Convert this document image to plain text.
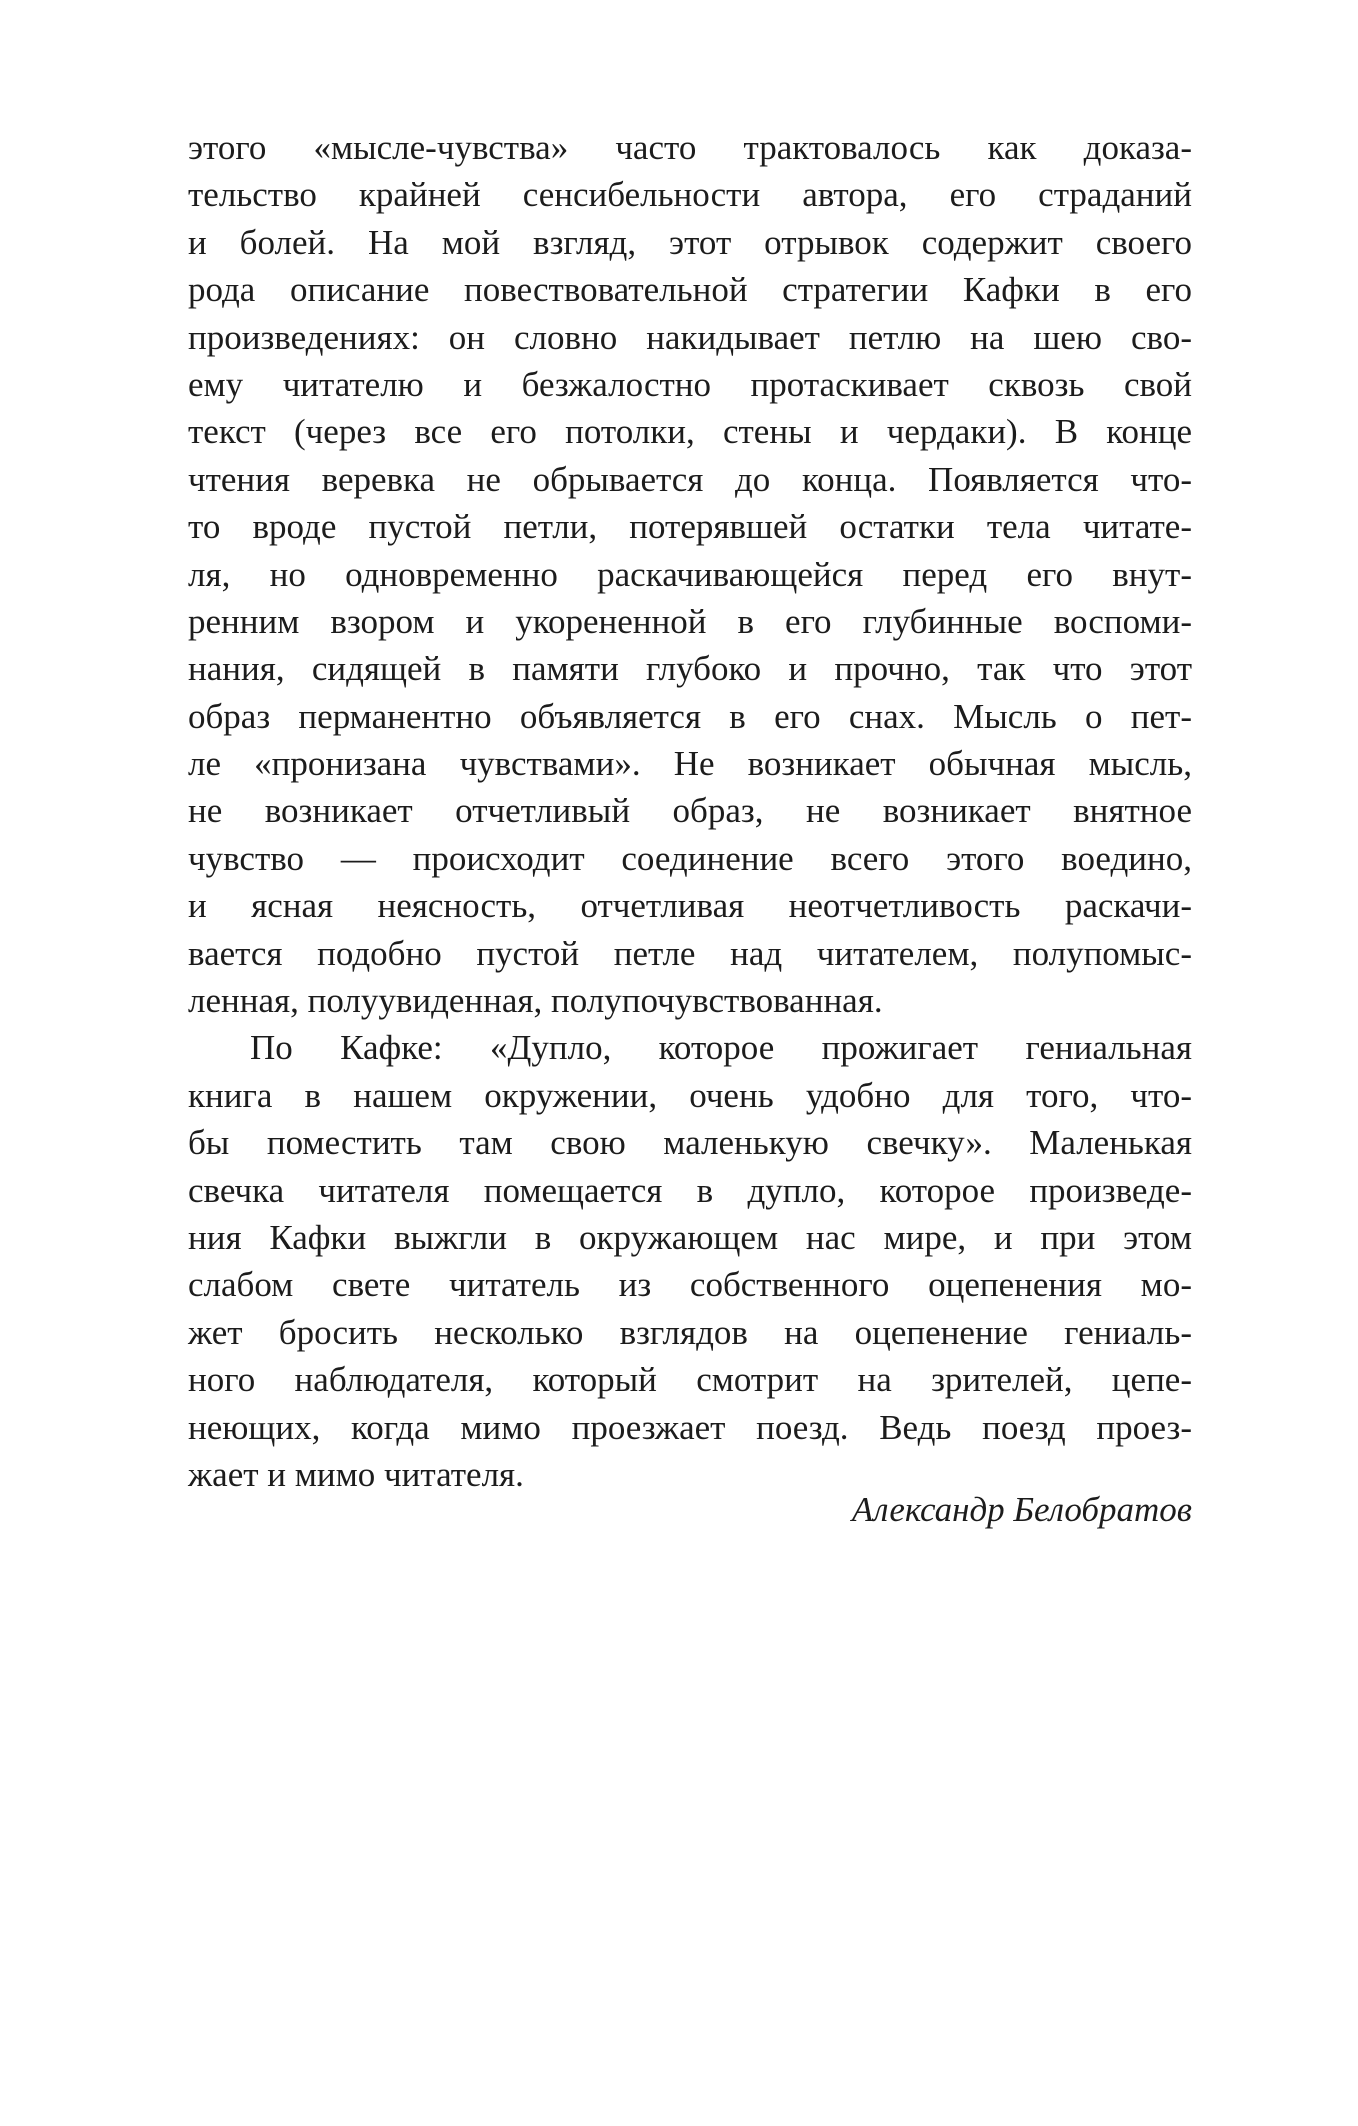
этого «мысле-чувства» часто трактовалось как доказа-
тельство крайней сенсибельности автора, его страданий
и болей. На мой взгляд, этот отрывок содержит своего
рода описание повествовательной стратегии Кафки в его
произведениях: он словно накидывает петлю на шею сво-
ему читателю и безжалостно протаскивает сквозь свой
текст (через все его потолки, стены и чердаки). В конце
чтения веревка не обрывается до конца. Появляется что-
то вроде пустой петли, потерявшей остатки тела читате-
ля, но одновременно раскачивающейся перед его внут-
ренним взором и укорененной в его глубинные воспоми-
нания, сидящей в памяти глубоко и прочно, так что этот
образ перманентно объявляется в его снах. Мысль о пет-
ле «пронизана чувствами». Не возникает обычная мысль,
не возникает отчетливый образ, не возникает внятное
чувство — происходит соединение всего этого воедино,
и ясная неясность, отчетливая неотчетливость раскачи-
вается подобно пустой петле над читателем, полупомыс-
ленная, полуувиденная, полупочувствованная.
По Кафке: «Дупло, которое прожигает гениальная
книга в нашем окружении, очень удобно для того, что-
бы поместить там свою маленькую свечку». Маленькая
свечка читателя помещается в дупло, которое произведе-
ния Кафки выжгли в окружающем нас мире, и при этом
слабом свете читатель из собственного оцепенения мо-
жет бросить несколько взглядов на оцепенение гениаль-
ного наблюдателя, который смотрит на зрителей, цепе-
неющих, когда мимо проезжает поезд. Ведь поезд проез-
жает и мимо читателя.
Александр Белобратов
